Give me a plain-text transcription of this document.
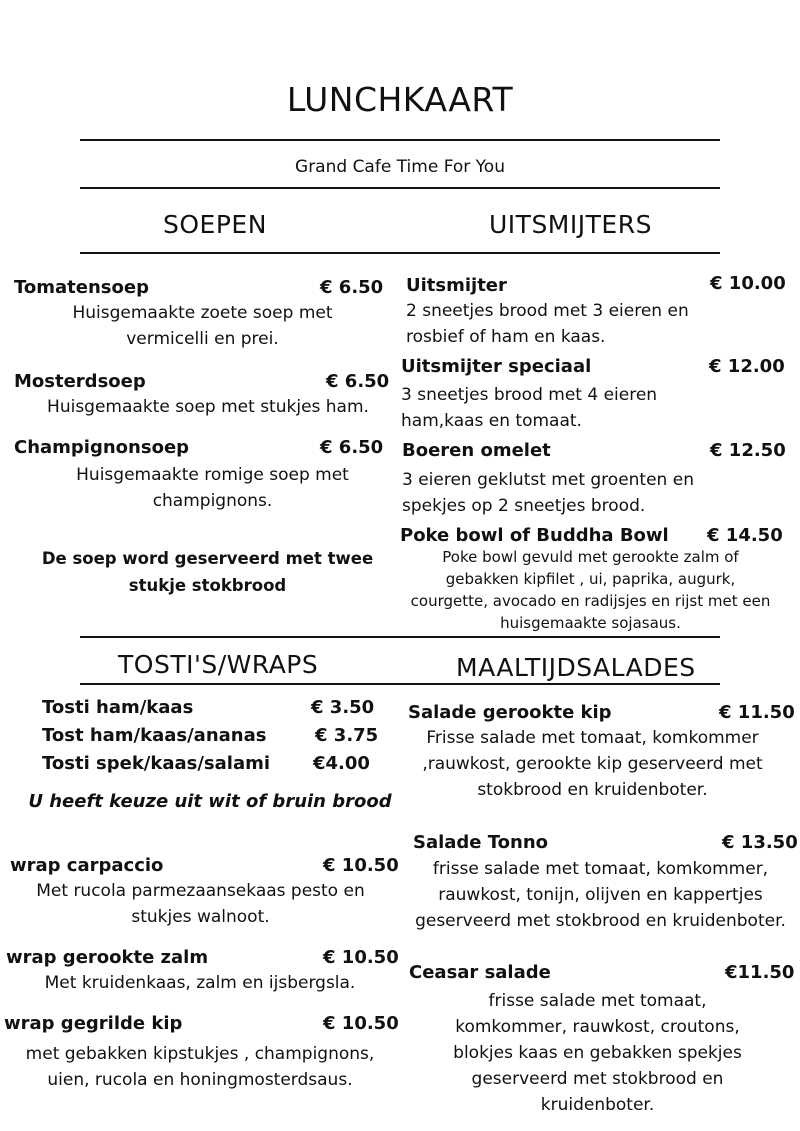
LUNCHKAART
Grand Cafe Time For You
SOEPEN	UITSMIJTERS
Tomatensoep	€ 6.50
Huisgemaakte zoete soep met vermicelli en prei.
Mosterdsoep	€ 6.50
Huisgemaakte soep met stukjes ham.
Champignonsoep	€ 6.50
Huisgemaakte romige soep met champignons.
De soep word geserveerd met twee stukje stokbrood
Uitsmijter	€ 10.00
2 sneetjes brood met 3 eieren en rosbief of ham en kaas.
Uitsmijter speciaal	€ 12.00
3 sneetjes brood met 4 eieren ham,kaas en tomaat.
Boeren omelet	€ 12.50
3 eieren geklutst met groenten en spekjes op 2 sneetjes brood.
Poke bowl of Buddha Bowl € 14.50
Poke bowl gevuld met gerookte zalm of gebakken kipfilet , ui, paprika, augurk, courgette, avocado en radijsjes en rijst met een huisgemaakte sojasaus.
TOSTI'S/WRAPS	MAALTIJDSALADES
Tosti ham/kaas	€ 3.50
Tost ham/kaas/ananas	€ 3.75
Tosti spek/kaas/salami €4.00
U heeft keuze uit wit of bruin brood
wrap carpaccio	€ 10.50
Met rucola parmezaansekaas pesto en stukjes walnoot.
wrap gerookte zalm	€ 10.50
Met kruidenkaas, zalm en ijsbergsla.
wrap gegrilde kip	€ 10.50
met gebakken kipstukjes , champignons, uien, rucola en honingmosterdsaus.
Salade gerookte kip	€ 11.50
Frisse salade met tomaat, komkommer ,rauwkost, gerookte kip geserveerd met stokbrood en kruidenboter.
Salade Tonno	€ 13.50
frisse salade met tomaat, komkommer, rauwkost, tonijn, olijven en kappertjes geserveerd met stokbrood en kruidenboter.
Ceasar salade	€11.50
frisse salade met tomaat, komkommer, rauwkost, croutons, blokjes kaas en gebakken spekjes geserveerd met stokbrood en kruidenboter.
